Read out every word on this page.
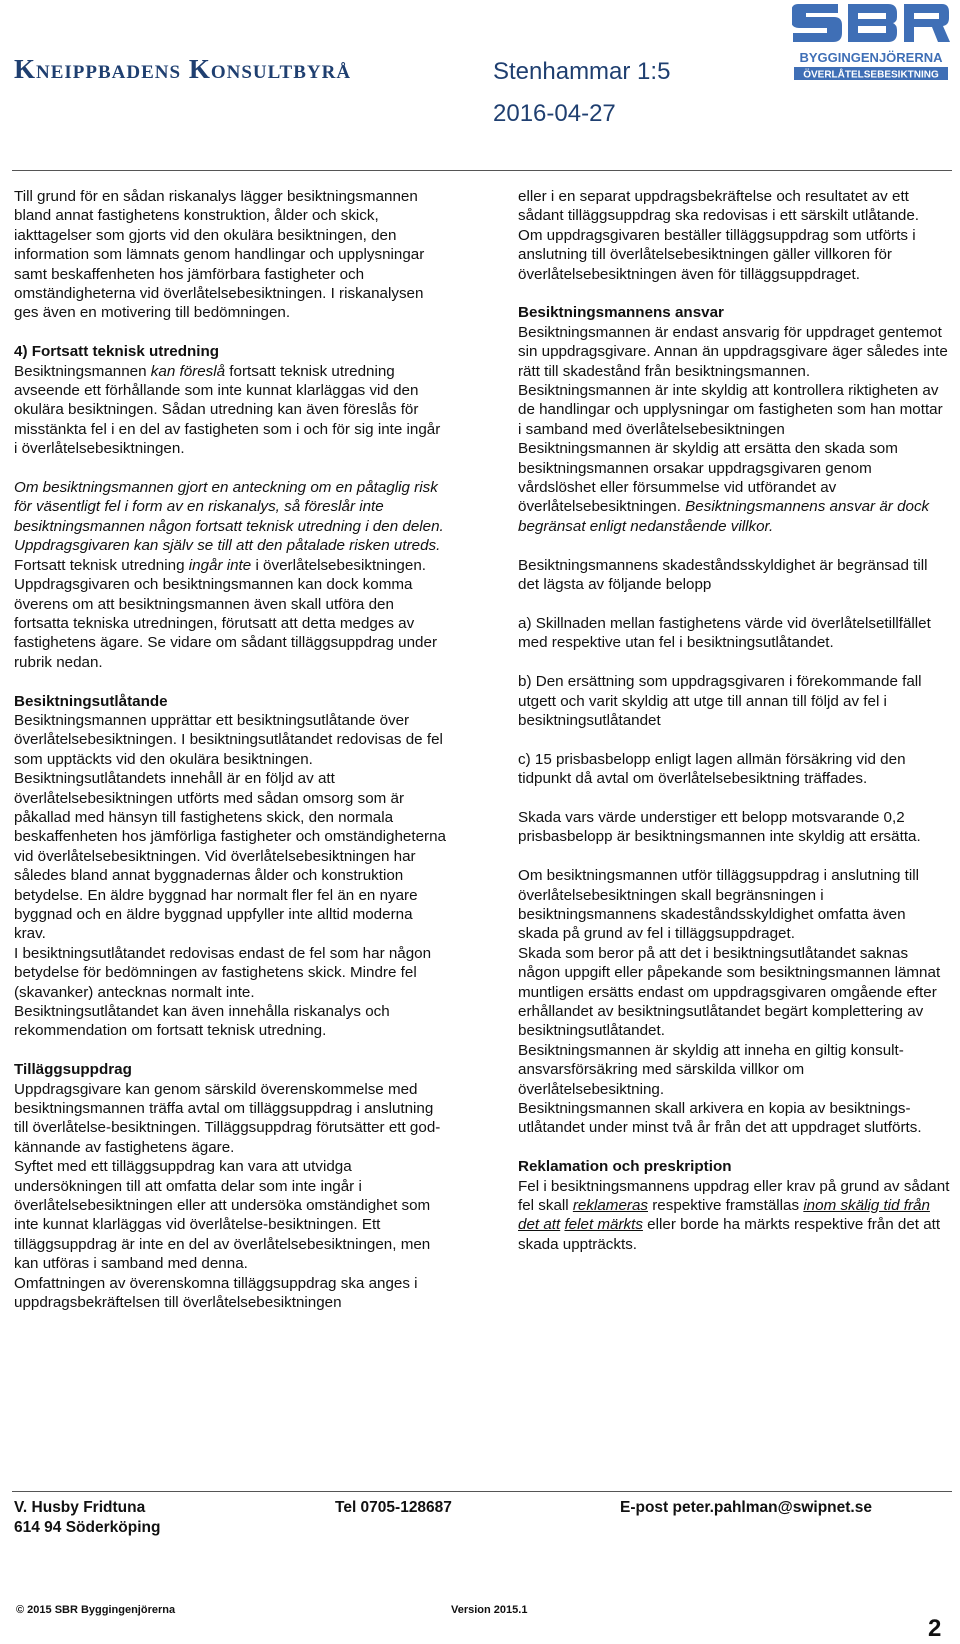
Kneippbadens Konsultbyrå	Stenhammar 1:5
2016-04-27
BYGGINGENJÖRERNA
ÖVERLÅTELSEBESIKTNING

Till grund för en sådan riskanalys lägger besiktningsmannen bland annat fastighetens konstruktion, ålder och skick, iakttagelser som gjorts vid den okulära besiktningen, den information som lämnats genom handlingar och upplysningar samt beskaffenheten hos jämförbara fastigheter och omständigheterna vid överlåtelsebesiktningen. I riskanalysen ges även en motivering till bedömningen.

4) Fortsatt teknisk utredning

Besiktningsmannen kan föreslå fortsatt teknisk utredning avseende ett förhållande som inte kunnat klarläggas vid den okulära besiktningen. Sådan utredning kan även föreslås för misstänkta fel i en del av fastigheten som i och för sig inte ingår i överlåtelsebesiktningen.

Om besiktningsmannen gjort en anteckning om en påtaglig risk för väsentligt fel i form av en riskanalys, så föreslår inte besiktningsmannen någon fortsatt teknisk utredning i den delen.

Uppdragsgivaren kan själv se till att den påtalade risken utreds.

Fortsatt teknisk utredning ingår inte i överlåtelsebesiktningen. Uppdragsgivaren och besiktningsmannen kan dock komma överens om att besiktningsmannen även skall utföra den fortsatta tekniska utredningen, förutsatt att detta medges av fastighetens ägare. Se vidare om sådant tilläggsuppdrag under rubrik nedan.

Besiktningsutlåtande

Besiktningsmannen upprättar ett besiktningsutlåtande över överlåtelsebesiktningen. I besiktningsutlåtandet redovisas de fel som upptäckts vid den okulära besiktningen.

Besiktningsutlåtandets innehåll är en följd av att överlåtelsebesiktningen utförts med sådan omsorg som är påkallad med hänsyn till fastighetens skick, den normala beskaffenheten hos jämförliga fastigheter och omständigheterna vid överlåtelsebesiktningen. Vid överlåtelsebesiktningen har således bland annat byggnadernas ålder och konstruktion betydelse. En äldre byggnad har normalt fler fel än en nyare byggnad och en äldre byggnad uppfyller inte alltid moderna krav.

I besiktningsutlåtandet redovisas endast de fel som har någon betydelse för bedömningen av fastighetens skick. Mindre fel (skavanker) antecknas normalt inte.

Besiktningsutlåtandet kan även innehålla riskanalys och rekommendation om fortsatt teknisk utredning.

Tilläggsuppdrag

Uppdragsgivare kan genom särskild överenskommelse med besiktningsmannen träffa avtal om tilläggsuppdrag i anslutning till överlåtelse-besiktningen. Tilläggsuppdrag förutsätter ett god-kännande av fastighetens ägare.

Syftet med ett tilläggsuppdrag kan vara att utvidga undersökningen till att omfatta delar som inte ingår i överlåtelsebesiktningen eller att undersöka omständighet som inte kunnat klarläggas vid överlåtelse-besiktningen. Ett tilläggsuppdrag är inte en del av överlåtelsebesiktningen, men kan utföras i samband med denna.

Omfattningen av överenskomna tilläggsuppdrag ska anges i uppdragsbekräftelsen till överlåtelsebesiktningen

eller i en separat uppdragsbekräftelse och resultatet av ett sådant tilläggsuppdrag ska redovisas i ett särskilt utlåtande.

Om uppdragsgivaren beställer tilläggsuppdrag som utförts i anslutning till överlåtelsebesiktningen gäller villkoren för överlåtelsebesiktningen även för tilläggsuppdraget.

Besiktningsmannens ansvar

Besiktningsmannen är endast ansvarig för uppdraget gentemot sin uppdragsgivare. Annan än uppdragsgivare äger således inte rätt till skadestånd från besiktningsmannen.

Besiktningsmannen är inte skyldig att kontrollera riktigheten av de handlingar och upplysningar om fastigheten som han mottar i samband med överlåtelsebesiktningen

Besiktningsmannen är skyldig att ersätta den skada som besiktningsmannen orsakar uppdragsgivaren genom vårdslöshet eller försummelse vid utförandet av överlåtelsebesiktningen. Besiktningsmannens ansvar är dock begränsat enligt nedanstående villkor.

Besiktningsmannens skadeståndsskyldighet är begränsad till det lägsta av följande belopp

a) Skillnaden mellan fastighetens värde vid överlåtelsetillfället med respektive utan fel i besiktningsutlåtandet.

b) Den ersättning som uppdragsgivaren i förekommande fall utgett och varit skyldig att utge till annan till följd av fel i besiktningsutlåtandet

c) 15 prisbasbelopp enligt lagen allmän försäkring vid den tidpunkt då avtal om överlåtelsebesiktning träffades.

Skada vars värde understiger ett belopp motsvarande 0,2 prisbasbelopp är besiktningsmannen inte skyldig att ersätta.

Om besiktningsmannen utför tilläggsuppdrag i anslutning till överlåtelsebesiktningen skall begränsningen i besiktningsmannens skadeståndsskyldighet omfatta även skada på grund av fel i tilläggsuppdraget.

Skada som beror på att det i besiktningsutlåtandet saknas någon uppgift eller påpekande som besiktningsmannen lämnat muntligen ersätts endast om uppdragsgivaren omgående efter erhållandet av besiktningsutlåtandet begärt komplettering av besiktningsutlåtandet.

Besiktningsmannen är skyldig att inneha en giltig konsult-ansvarsförsäkring med särskilda villkor om överlåtelsebesiktning.

Besiktningsmannen skall arkivera en kopia av besiktnings-utlåtandet under minst två år från det att uppdraget slutförts.

Reklamation och preskription

Fel i besiktningsmannens uppdrag eller krav på grund av sådant fel skall reklameras respektive framställas inom skälig tid från det att felet märkts eller borde ha märkts respektive från det att skada uppträckts.

V. Husby Fridtuna
614 94 Söderköping
Tel 0705-128687	E-post peter.pahlman@swipnet.se
© 2015 SBR Byggingenjörerna	Version 2015.1
2
